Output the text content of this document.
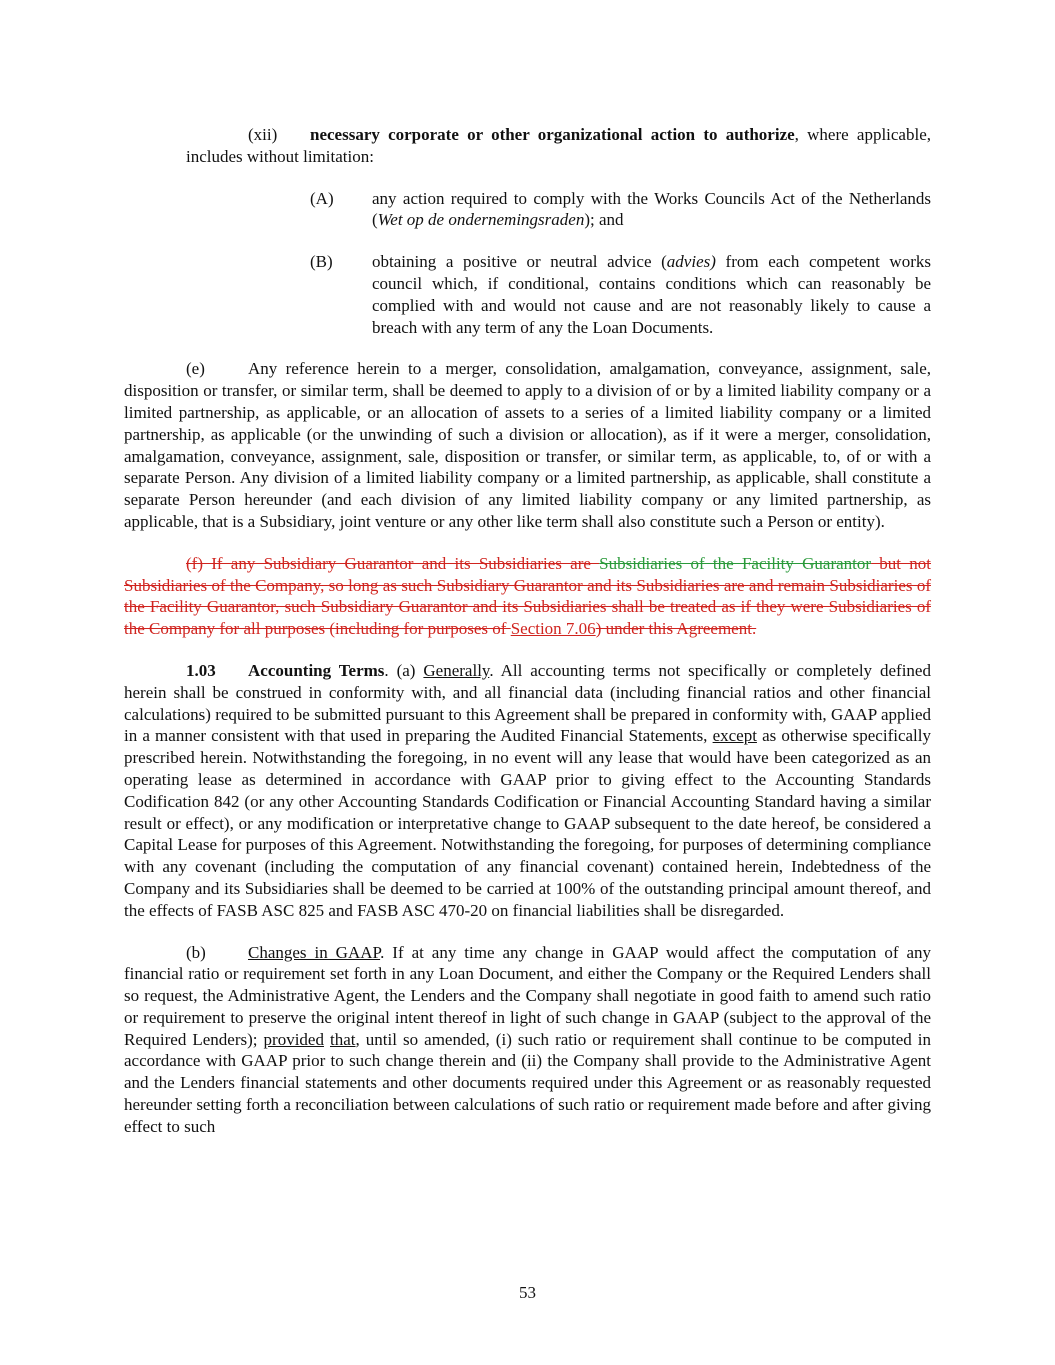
(xii) necessary corporate or other organizational action to authorize, where applicable, includes without limitation:

(A) any action required to comply with the Works Councils Act of the Netherlands (Wet op de ondernemingsraden); and

(B) obtaining a positive or neutral advice (advies) from each competent works council which, if conditional, contains conditions which can reasonably be complied with and would not cause and are not reasonably likely to cause a breach with any term of any the Loan Documents.

(e)	Any reference herein to a merger, consolidation, amalgamation, conveyance, assignment, sale, disposition or transfer, or similar term, shall be deemed to apply to a division of or by a limited liability company or a limited partnership, as applicable, or an allocation of assets to a series of a limited liability company or a limited partnership, as applicable (or the unwinding of such a division or allocation), as if it were a merger, consolidation, amalgamation, conveyance, assignment, sale, disposition or transfer, or similar term, as applicable, to, of or with a separate Person. Any division of a limited liability company or a limited partnership, as applicable, shall constitute a separate Person hereunder (and each division of any limited liability company or any limited partnership, as applicable, that is a Subsidiary, joint venture or any other like term shall also constitute such a Person or entity).

(f) If any Subsidiary Guarantor and its Subsidiaries are Subsidiaries of the Facility Guarantor but not Subsidiaries of the Company, so long as such Subsidiary Guarantor and its Subsidiaries are and remain Subsidiaries of the Facility Guarantor, such Subsidiary Guarantor and its Subsidiaries shall be treated as if they were Subsidiaries of the Company for all purposes (including for purposes of Section 7.06) under this Agreement.

1.03 Accounting Terms. (a) Generally. All accounting terms not specifically or completely defined herein shall be construed in conformity with, and all financial data (including financial ratios and other financial calculations) required to be submitted pursuant to this Agreement shall be prepared in conformity with, GAAP applied in a manner consistent with that used in preparing the Audited Financial Statements, except as otherwise specifically prescribed herein. Notwithstanding the foregoing, in no event will any lease that would have been categorized as an operating lease as determined in accordance with GAAP prior to giving effect to the Accounting Standards Codification 842 (or any other Accounting Standards Codification or Financial Accounting Standard having a similar result or effect), or any modification or interpretative change to GAAP subsequent to the date hereof, be considered a Capital Lease for purposes of this Agreement. Notwithstanding the foregoing, for purposes of determining compliance with any covenant (including the computation of any financial covenant) contained herein, Indebtedness of the Company and its Subsidiaries shall be deemed to be carried at 100% of the outstanding principal amount thereof, and the effects of FASB ASC 825 and FASB ASC 470-20 on financial liabilities shall be disregarded.

(b) Changes in GAAP. If at any time any change in GAAP would affect the computation of any financial ratio or requirement set forth in any Loan Document, and either the Company or the Required Lenders shall so request, the Administrative Agent, the Lenders and the Company shall negotiate in good faith to amend such ratio or requirement to preserve the original intent thereof in light of such change in GAAP (subject to the approval of the Required Lenders); provided that, until so amended, (i) such ratio or requirement shall continue to be computed in accordance with GAAP prior to such change therein and (ii) the Company shall provide to the Administrative Agent and the Lenders financial statements and other documents required under this Agreement or as reasonably requested hereunder setting forth a reconciliation between calculations of such ratio or requirement made before and after giving effect to such

53
